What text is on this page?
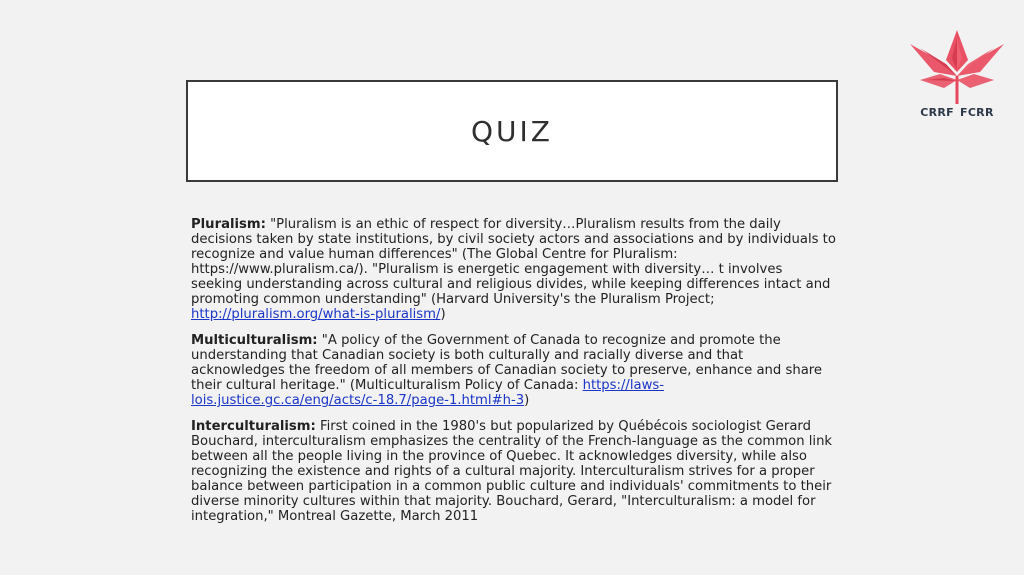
CRRF FCRR
QUIZ

Pluralism: "Pluralism is an ethic of respect for diversity…Pluralism results from the daily decisions taken by state institutions, by civil society actors and associations and by individuals to recognize and value human differences" (The Global Centre for Pluralism: https://www.pluralism.ca/). "Pluralism is energetic engagement with diversity… t involves seeking understanding across cultural and religious divides, while keeping differences intact and promoting common understanding" (Harvard University's the Pluralism Project; http://pluralism.org/what-is-pluralism/)

Multiculturalism: "A policy of the Government of Canada to recognize and promote the understanding that Canadian society is both culturally and racially diverse and that acknowledges the freedom of all members of Canadian society to preserve, enhance and share their cultural heritage." (Multiculturalism Policy of Canada: https://laws-lois.justice.gc.ca/eng/acts/c-18.7/page-1.html#h-3)

Interculturalism: First coined in the 1980's but popularized by Québécois sociologist Gerard Bouchard, interculturalism emphasizes the centrality of the French-language as the common link between all the people living in the province of Quebec. It acknowledges diversity, while also recognizing the existence and rights of a cultural majority. Interculturalism strives for a proper balance between participation in a common public culture and individuals' commitments to their diverse minority cultures within that majority. Bouchard, Gerard, "Interculturalism: a model for integration," Montreal Gazette, March 2011
